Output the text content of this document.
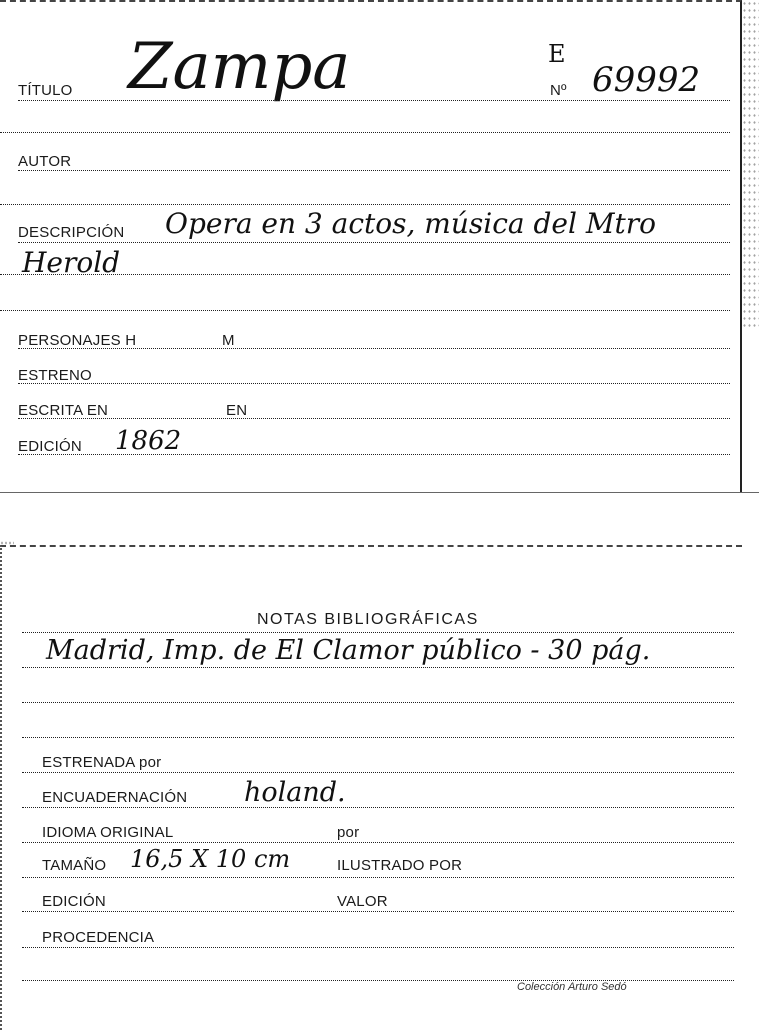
TÍTULO Zampa	E
Nº 69992
AUTOR
DESCRIPCIÓN Opera en 3 actos, música del Mtro
Herold
PERSONAJES H	M
ESTRENO
ESCRITA EN	EN
EDICIÓN 1862
NOTAS BIBLIOGRÁFICAS
Madrid, Imp. de El Clamor público - 30 pág.
ESTRENADA por
ENCUADERNACIÓN holand.
IDIOMA ORIGINAL	por
TAMAÑO 16,5 X 10 cm	ILUSTRADO POR
EDICIÓN	VALOR
PROCEDENCIA
Colección Arturo Sedó
